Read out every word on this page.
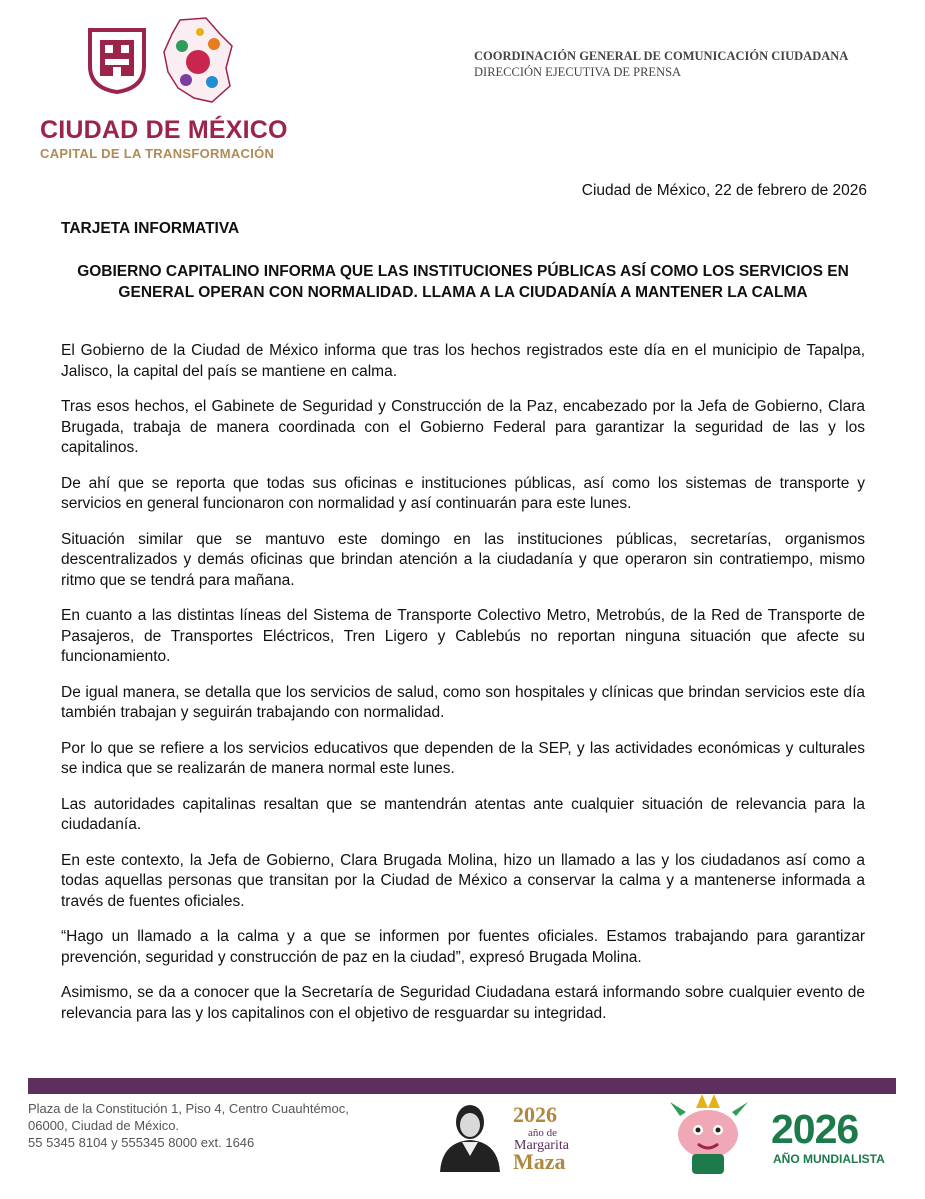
CIUDAD DE MÉXICO
CAPITAL DE LA TRANSFORMACIÓN
COORDINACIÓN GENERAL DE COMUNICACIÓN CIUDADANA
DIRECCIÓN EJECUTIVA DE PRENSA
Ciudad de México, 22 de febrero de 2026
TARJETA INFORMATIVA
GOBIERNO CAPITALINO INFORMA QUE LAS INSTITUCIONES PÚBLICAS ASÍ COMO LOS SERVICIOS EN GENERAL OPERAN CON NORMALIDAD. LLAMA A LA CIUDADANÍA A MANTENER LA CALMA

El Gobierno de la Ciudad de México informa que tras los hechos registrados este día en el municipio de Tapalpa, Jalisco, la capital del país se mantiene en calma.

Tras esos hechos, el Gabinete de Seguridad y Construcción de la Paz, encabezado por la Jefa de Gobierno, Clara Brugada, trabaja de manera coordinada con el Gobierno Federal para garantizar la seguridad de las y los capitalinos.

De ahí que se reporta que todas sus oficinas e instituciones públicas, así como los sistemas de transporte y servicios en general funcionaron con normalidad y así continuarán para este lunes.

Situación similar que se mantuvo este domingo en las instituciones públicas, secretarías, organismos descentralizados y demás oficinas que brindan atención a la ciudadanía y que operaron sin contratiempo, mismo ritmo que se tendrá para mañana.

En cuanto a las distintas líneas del Sistema de Transporte Colectivo Metro, Metrobús, de la Red de Transporte de Pasajeros, de Transportes Eléctricos, Tren Ligero y Cablebús no reportan ninguna situación que afecte su funcionamiento.

De igual manera, se detalla que los servicios de salud, como son hospitales y clínicas que brindan servicios este día también trabajan y seguirán trabajando con normalidad.

Por lo que se refiere a los servicios educativos que dependen de la SEP, y las actividades económicas y culturales se indica que se realizarán de manera normal este lunes.

Las autoridades capitalinas resaltan que se mantendrán atentas ante cualquier situación de relevancia para la ciudadanía.

En este contexto, la Jefa de Gobierno, Clara Brugada Molina, hizo un llamado a las y los ciudadanos así como a todas aquellas personas que transitan por la Ciudad de México a conservar la calma y a mantenerse informada a través de fuentes oficiales.

“Hago un llamado a la calma y a que se informen por fuentes oficiales. Estamos trabajando para garantizar prevención, seguridad y construcción de paz en la ciudad”, expresó Brugada Molina.

Asimismo, se da a conocer que la Secretaría de Seguridad Ciudadana estará informando sobre cualquier evento de relevancia para las y los capitalinos con el objetivo de resguardar su integridad.

Plaza de la Constitución 1, Piso 4, Centro Cuauhtémoc,
06000, Ciudad de México.
55 5345 8104 y 555345 8000 ext. 1646
2026
año de
Margarita
Maza
2026
AÑO MUNDIALISTA
